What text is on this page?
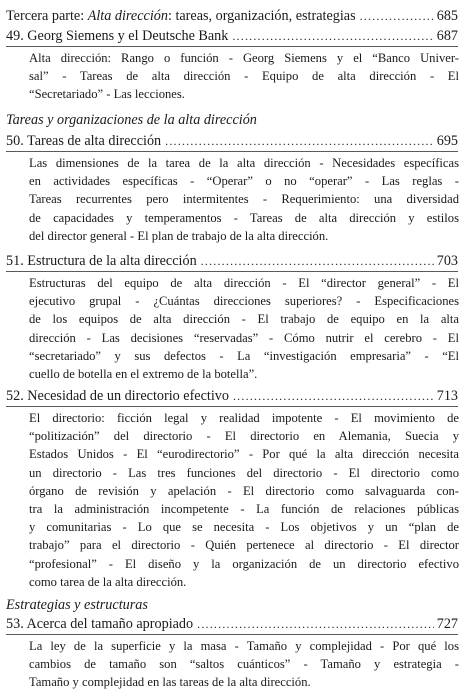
Tercera parte: Alta dirección: tareas, organización, estrategias .....	685
49. Georg Siemens y el Deutsche Bank .....	687
Alta dirección: Rango o función - Georg Siemens y el “Banco Univer-
sal” - Tareas de alta dirección - Equipo de alta dirección - El
“Secretariado” - Las lecciones.
Tareas y organizaciones de la alta dirección
50. Tareas de alta dirección .....	695
Las dimensiones de la tarea de la alta dirección - Necesidades específicas
en actividades específicas - “Operar” o no “operar” - Las reglas -
Tareas recurrentes pero intermitentes - Requerimiento: una diversidad
de capacidades y temperamentos - Tareas de alta dirección y estilos
del director general - El plan de trabajo de la alta dirección.
51. Estructura de la alta dirección .....	703
Estructuras del equipo de alta dirección - El “director general” - El
ejecutivo grupal - ¿Cuántas direcciones superiores? - Especificaciones
de los equipos de alta dirección - El trabajo de equipo en la alta
dirección - Las decisiones “reservadas” - Cómo nutrir el cerebro - El
“secretariado” y sus defectos - La “investigación empresaria” - “El
cuello de botella en el extremo de la botella”.
52. Necesidad de un directorio efectivo .....	713
El directorio: ficción legal y realidad impotente - El movimiento de
“politización” del directorio - El directorio en Alemania, Suecia y
Estados Unidos - El “eurodirectorio” - Por qué la alta dirección necesita
un directorio - Las tres funciones del directorio - El directorio como
órgano de revisión y apelación - El directorio como salvaguarda con-
tra la administración incompetente - La función de relaciones públicas
y comunitarias - Lo que se necesita - Los objetivos y un “plan de
trabajo” para el directorio - Quién pertenece al directorio - El director
“profesional” - El diseño y la organización de un directorio efectivo
como tarea de la alta dirección.
Estrategias y estructuras
53. Acerca del tamaño apropiado .....	727
La ley de la superficie y la masa - Tamaño y complejidad - Por qué los
cambios de tamaño son “saltos cuánticos” - Tamaño y estrategia -
Tamaño y complejidad en las tareas de la alta dirección.
